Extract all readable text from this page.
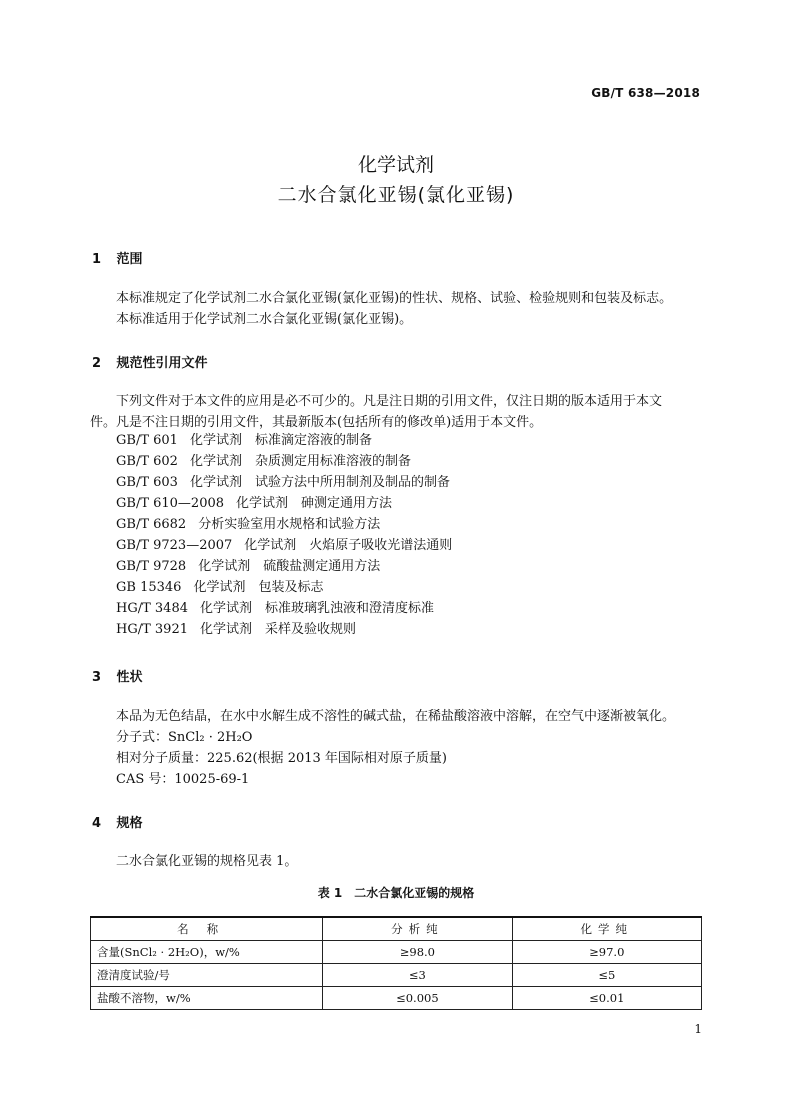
GB/T 638—2018
化学试剂
二水合氯化亚锡(氯化亚锡)
1 范围
本标准规定了化学试剂二水合氯化亚锡(氯化亚锡)的性状、规格、试验、检验规则和包装及标志。
本标准适用于化学试剂二水合氯化亚锡(氯化亚锡)。
2 规范性引用文件
下列文件对于本文件的应用是必不可少的。凡是注日期的引用文件，仅注日期的版本适用于本文
件。凡是不注日期的引用文件，其最新版本(包括所有的修改单)适用于本文件。
GB/T 601 化学试剂　标准滴定溶液的制备
GB/T 602 化学试剂　杂质测定用标准溶液的制备
GB/T 603 化学试剂　试验方法中所用制剂及制品的制备
GB/T 610—2008 化学试剂　砷测定通用方法
GB/T 6682 分析实验室用水规格和试验方法
GB/T 9723—2007 化学试剂　火焰原子吸收光谱法通则
GB/T 9728 化学试剂　硫酸盐测定通用方法
GB 15346 化学试剂　包装及标志
HG/T 3484 化学试剂　标准玻璃乳浊液和澄清度标准
HG/T 3921 化学试剂　采样及验收规则
3 性状
本品为无色结晶，在水中水解生成不溶性的碱式盐，在稀盐酸溶液中溶解，在空气中逐渐被氧化。
分子式：SnCl₂ · 2H₂O
相对分子质量：225.62(根据 2013 年国际相对原子质量)
CAS 号：10025-69-1
4 规格
二水合氯化亚锡的规格见表 1。
表 1　二水合氯化亚锡的规格
名称	分析纯	化学纯
含量(SnCl₂ · 2H₂O)，w/%	≥98.0	≥97.0
澄清度试验/号	≤3	≤5
盐酸不溶物，w/%	≤0.005	≤0.01
1
